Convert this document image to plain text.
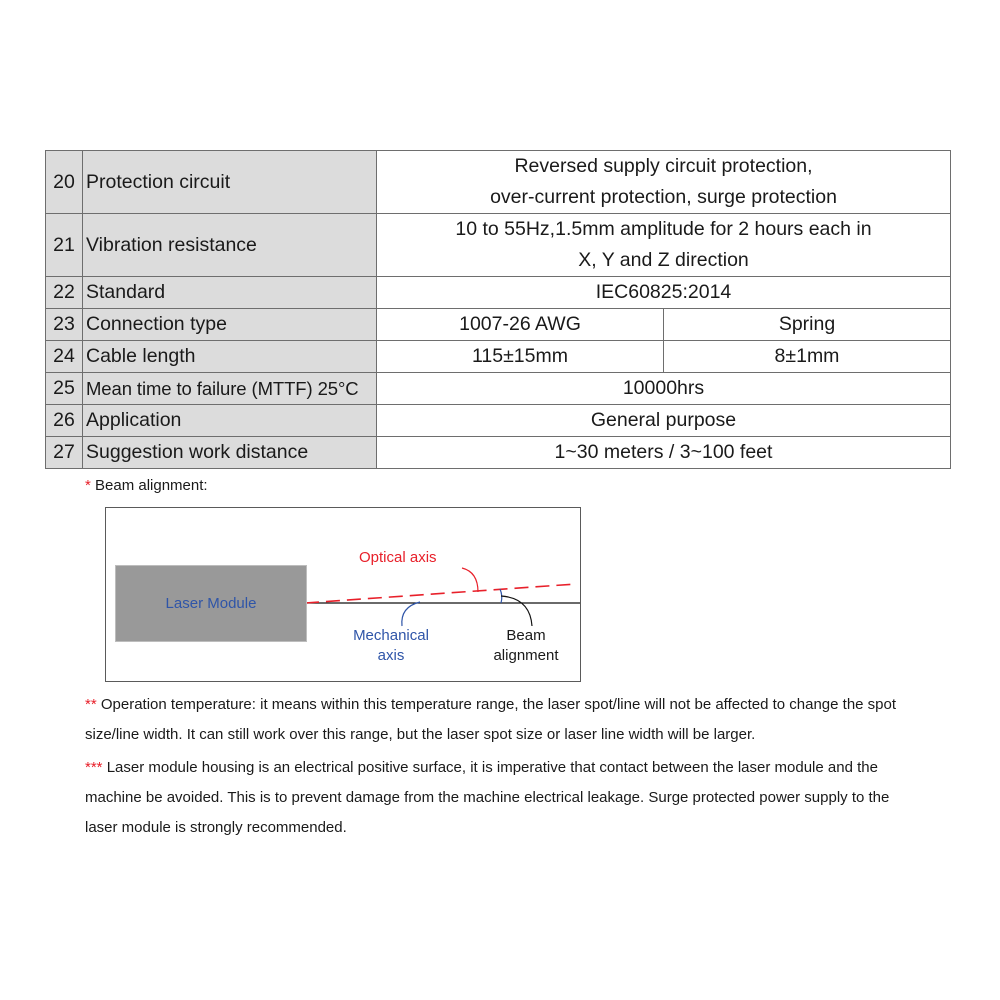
20	Protection circuit	Reversed supply circuit protection,
over-current protection, surge protection	

21	Vibration resistance	10 to 55Hz,1.5mm amplitude for 2 hours each in
X, Y and Z direction	

22	Standard	IEC60825:2014	
23	Connection type	1007-26 AWG	Spring
24	Cable length	115±15mm	8±1mm
25	Mean time to failure (MTTF) 25°C	10000hrs	
26	Application	General purpose	
27	Suggestion work distance	1~30 meters / 3~100 feet	
* Beam alignment:
Laser Module
Optical axis
Mechanical
axis
Beam
alignment
** Operation temperature: it means within this temperature range, the laser spot/line will not be affected to change the spot size/line width. It can still work over this range, but the laser spot size or laser line width will be larger.
*** Laser module housing is an electrical positive surface, it is imperative that contact between the laser module and the machine be avoided. This is to prevent damage from the machine electrical leakage. Surge protected power supply to the laser module is strongly recommended.
